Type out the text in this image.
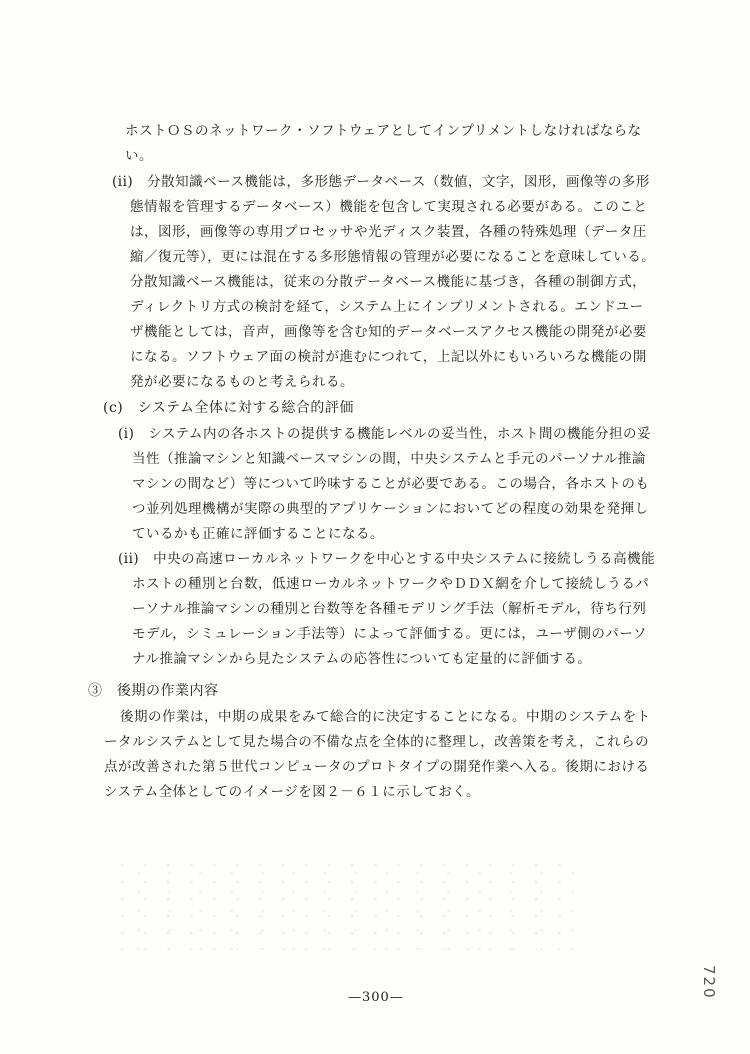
ホストＯＳのネットワーク・ソフトウェアとしてインプリメントしなければならな
い。
(ii)　分散知識ベース機能は，多形態データベース（数値，文字，図形，画像等の多形
態情報を管理するデータベース）機能を包含して実現される必要がある。このこと
は，図形，画像等の専用プロセッサや光ディスク装置，各種の特殊処理（データ圧
縮／復元等），更には混在する多形態情報の管理が必要になることを意味している。
分散知識ベース機能は，従来の分散データベース機能に基づき，各種の制御方式，
ディレクトリ方式の検討を経て，システム上にインプリメントされる。エンドユー
ザ機能としては，音声，画像等を含む知的データベースアクセス機能の開発が必要
になる。ソフトウェア面の検討が進むにつれて，上記以外にもいろいろな機能の開
発が必要になるものと考えられる。
(c)　システム全体に対する総合的評価
(i)　システム内の各ホストの提供する機能レベルの妥当性，ホスト間の機能分担の妥
当性（推論マシンと知識ベースマシンの間，中央システムと手元のパーソナル推論
マシンの間など）等について吟味することが必要である。この場合，各ホストのも
つ並列処理機構が実際の典型的アプリケーションにおいてどの程度の効果を発揮し
ているかも正確に評価することになる。
(ii)　中央の高速ローカルネットワークを中心とする中央システムに接続しうる高機能
ホストの種別と台数，低速ローカルネットワークやＤＤＸ網を介して接続しうるパ
ーソナル推論マシンの種別と台数等を各種モデリング手法（解析モデル，待ち行列
モデル，シミュレーション手法等）によって評価する。更には，ユーザ側のパーソ
ナル推論マシンから見たシステムの応答性についても定量的に評価する。
③　後期の作業内容
後期の作業は，中期の成果をみて総合的に決定することになる。中期のシステムをト
ータルシステムとして見た場合の不備な点を全体的に整理し，改善策を考え，これらの
点が改善された第５世代コンピュータのプロトタイプの開発作業へ入る。後期における
システム全体としてのイメージを図２－６１に示しておく。
—300—	720
